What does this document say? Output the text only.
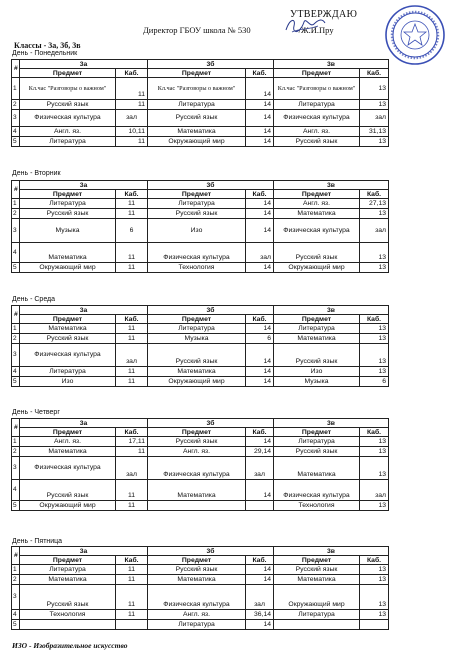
УТВЕРЖДАЮ
Директор ГБОУ школа № 530	/Ж.И.Пру
Классы - 3а, 3б, 3в
День - Понедельник
#	3а		3б		3в	
	Предмет	Каб.	Предмет	Каб.	Предмет	Каб.
1	Кл.час "Разговоры о важном"	11	Кл.час "Разговоры о важном"	14	Кл.час "Разговоры о важном"	13
2	Русский язык	11	Литература	14	Литература	13
3	Физическая культура	зал	Русский язык	14	Физическая культура	зал
4	Англ. яз.	10,11	Математика	14	Англ. яз.	31,13
5	Литература	11	Окружающий мир	14	Русский язык	13
День - Вторник
#	3а		3б		3в	
	Предмет	Каб.	Предмет	Каб.	Предмет	Каб.
1	Литература	11	Литература	14	Англ. яз.	27,13
2	Русский язык	11	Русский язык	14	Математика	13
3	Музыка	6	Изо	14	Физическая культура	зал
4	Математика	11	Физическая культура	зал	Русский язык	13
5	Окружающий мир	11	Технология	14	Окружающий мир	13
День - Среда
#	3а		3б		3в	
	Предмет	Каб.	Предмет	Каб.	Предмет	Каб.
1	Математика	11	Литература	14	Литература	13
2	Русский язык	11	Музыка	6	Математика	13
3	Физическая культура	зал	Русский язык	14	Русский язык	13
4	Литература	11	Математика	14	Изо	13
5	Изо	11	Окружающий мир	14	Музыка	6
День - Четверг
#	3а		3б		3в	
	Предмет	Каб.	Предмет	Каб.	Предмет	Каб.
1	Англ. яз.	17,11	Русский язык	14	Литература	13
2	Математика	11	Англ. яз.	29,14	Русский язык	13
3	Физическая культура	зал	Физическая культура	зал	Математика	13
4	Русский язык	11	Математика	14	Физическая культура	зал
5	Окружающий мир	11			Технология	13
День - Пятница
#	3а		3б		3в	
	Предмет	Каб.	Предмет	Каб.	Предмет	Каб.
1	Литература	11	Русский язык	14	Русский язык	13
2	Математика	11	Математика	14	Математика	13
3	Русский язык	11	Физическая культура	зал	Окружающий мир	13
4	Технология	11	Англ. яз.	36,14	Литература	13
5			Литература	14		
ИЗО - Изобразительное искусство
